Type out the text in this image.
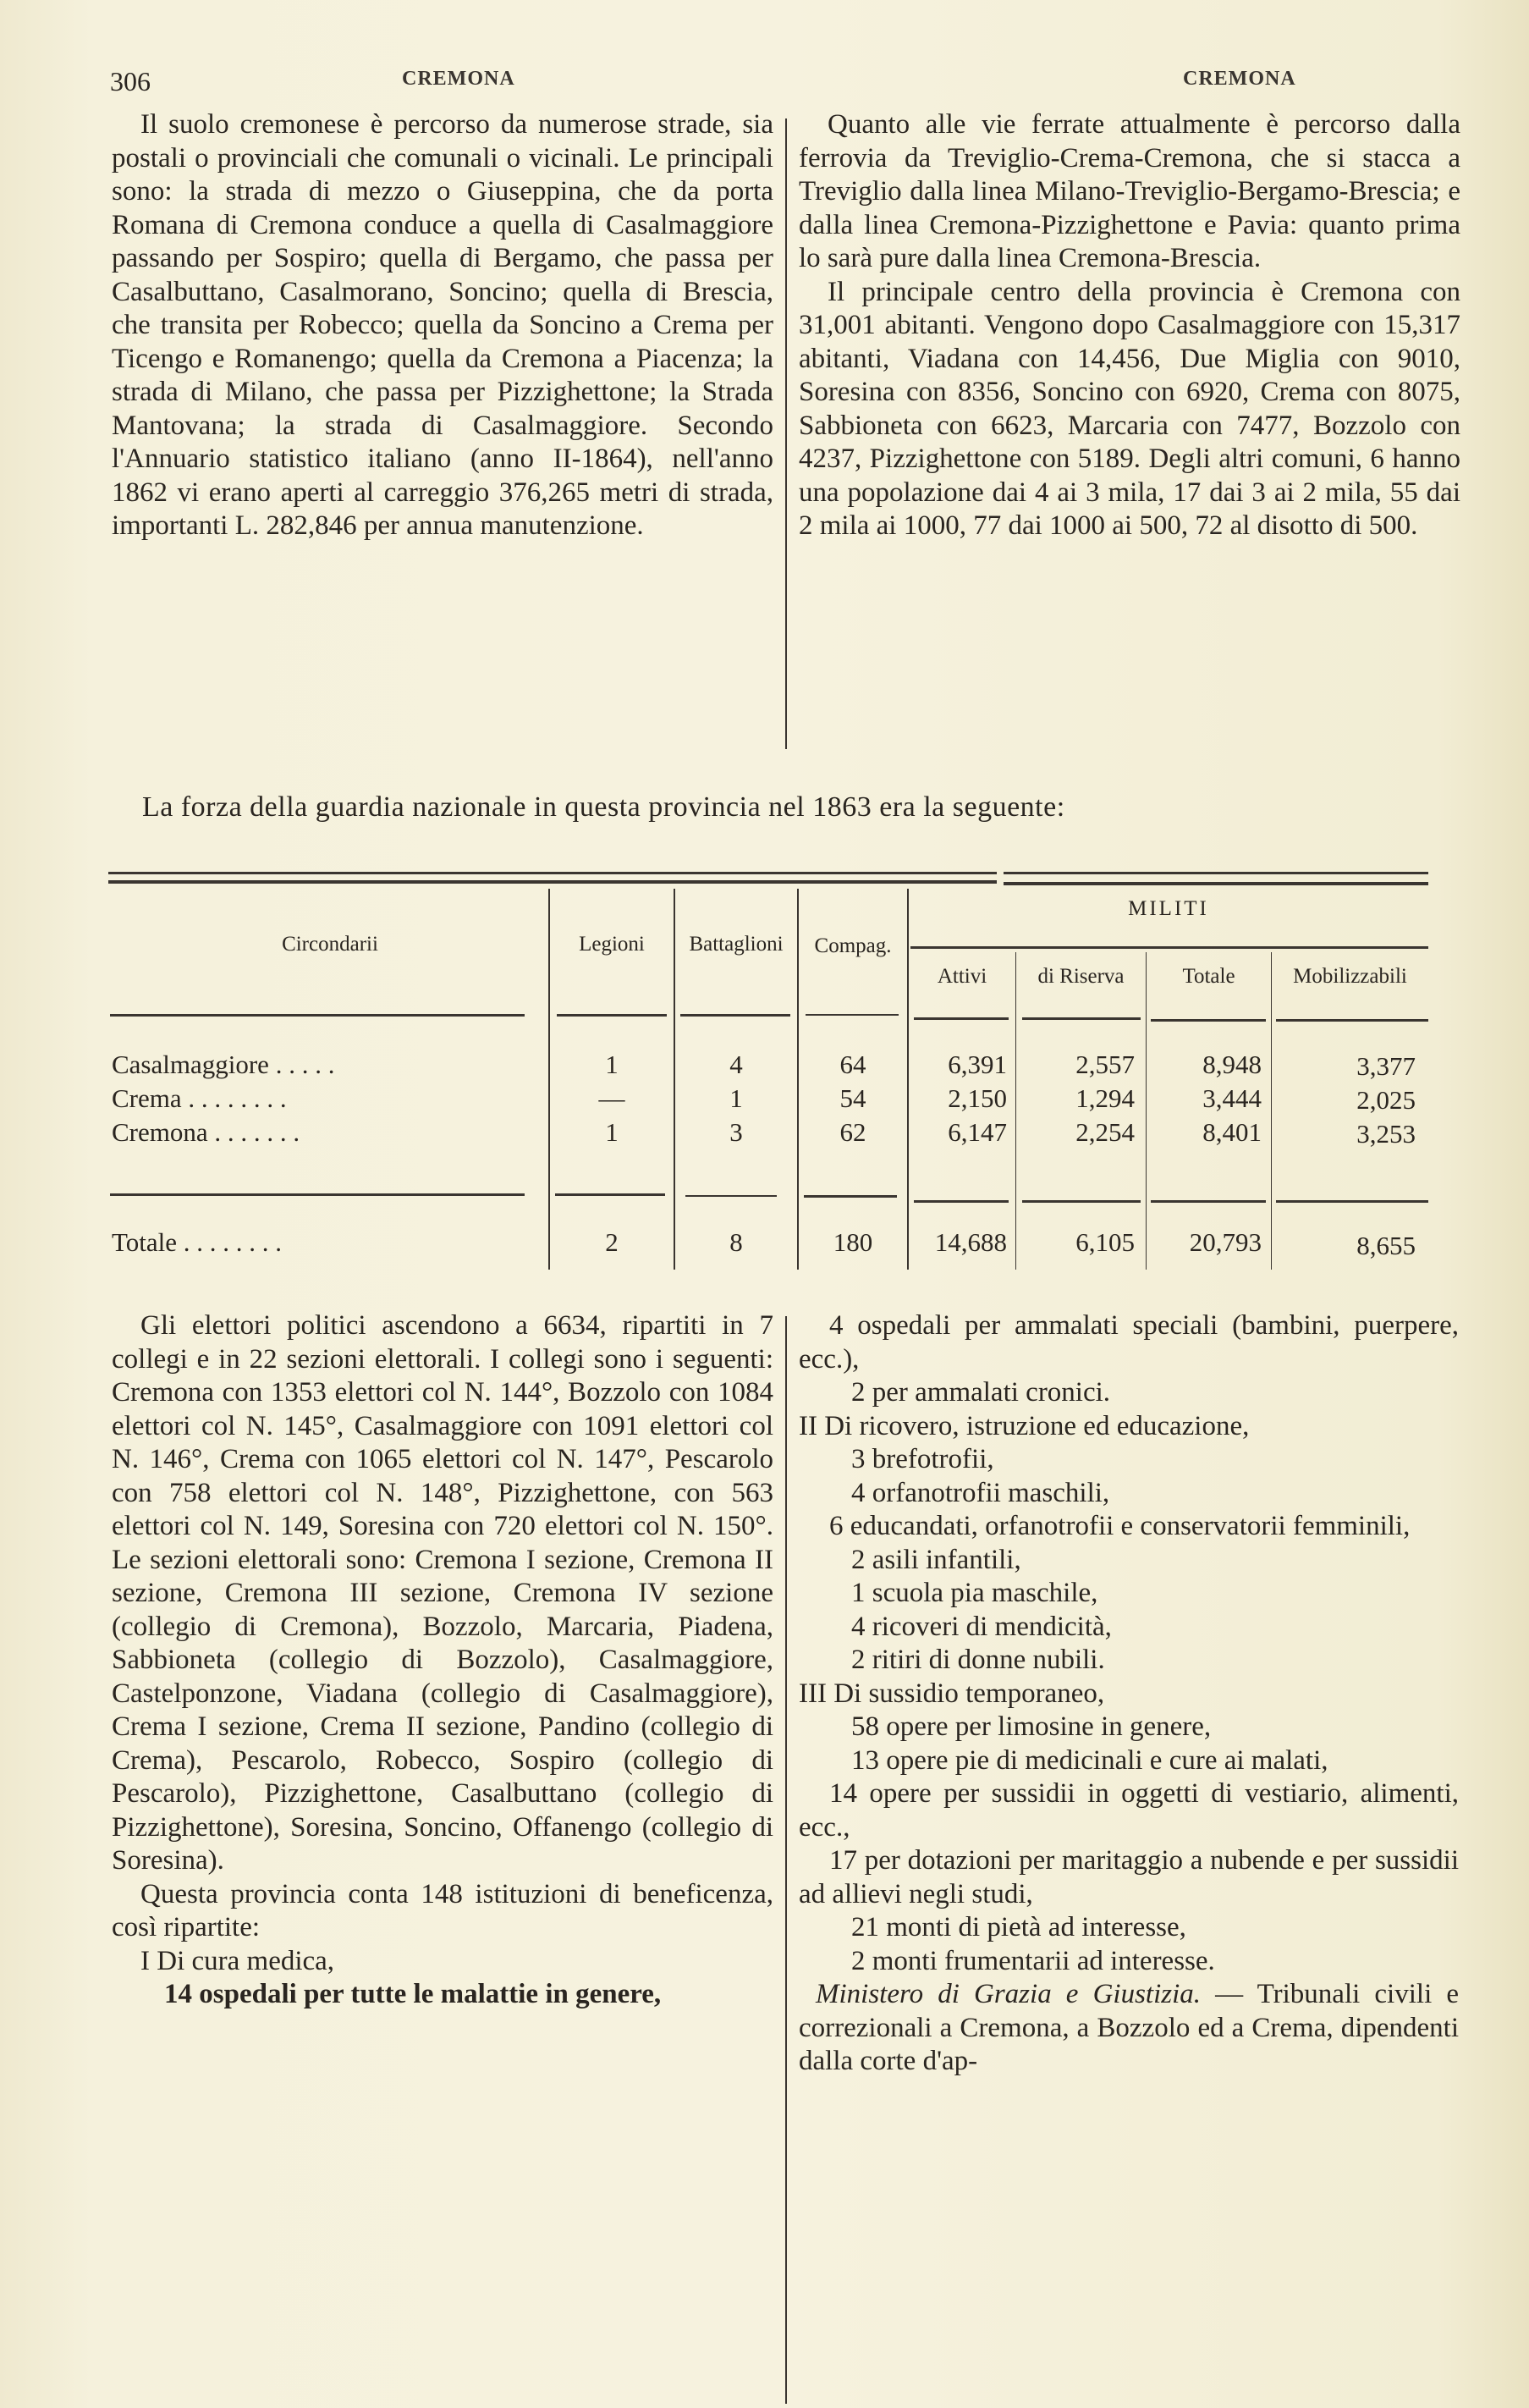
306	CREMONA	CREMONA

Il suolo cremonese è percorso da numerose strade, sia postali o provinciali che comunali o vicinali. Le principali sono: la strada di mezzo o Giuseppina, che da porta Romana di Cremona conduce a quella di Casalmaggiore passando per Sospiro; quella di Bergamo, che passa per Casalbuttano, Casalmorano, Soncino; quella di Brescia, che transita per Robecco; quella da Soncino a Crema per Ticengo e Romanengo; quella da Cremona a Piacenza; la strada di Milano, che passa per Pizzighettone; la Strada Mantovana; la strada di Casalmaggiore. Secondo l'Annuario statistico italiano (anno II-1864), nell'anno 1862 vi erano aperti al carreggio 376,265 metri di strada, importanti L. 282,846 per annua manutenzione.

Quanto alle vie ferrate attualmente è percorso dalla ferrovia da Treviglio-Crema-Cremona, che si stacca a Treviglio dalla linea Milano-Treviglio-Bergamo-Brescia; e dalla linea Cremona-Pizzighettone e Pavia: quanto prima lo sarà pure dalla linea Cremona-Brescia.

Il principale centro della provincia è Cremona con 31,001 abitanti. Vengono dopo Casalmaggiore con 15,317 abitanti, Viadana con 14,456, Due Miglia con 9010, Soresina con 8356, Soncino con 6920, Crema con 8075, Sabbioneta con 6623, Marcaria con 7477, Bozzolo con 4237, Pizzighettone con 5189. Degli altri comuni, 6 hanno una popolazione dai 4 ai 3 mila, 17 dai 3 ai 2 mila, 55 dai 2 mila ai 1000, 77 dai 1000 ai 500, 72 al disotto di 500.

La forza della guardia nazionale in questa provincia nel 1863 era la seguente:
Circondarii	Legioni	Battaglioni	Compag.
MILITI
Attivi	di Riserva	Totale	Mobilizzabili
Casalmaggiore . . . . .	1	4	64	6,391	2,557	8,948	3,377
Crema . . . . . . . .	—	1	54	2,150	1,294	3,444	2,025
Cremona . . . . . . .	1	3	62	6,147	2,254	8,401	3,253
Totale . . . . . . . .	2	8	180	14,688	6,105	20,793	8,655

Gli elettori politici ascendono a 6634, ripartiti in 7 collegi e in 22 sezioni elettorali. I collegi sono i seguenti: Cremona con 1353 elettori col N. 144°, Bozzolo con 1084 elettori col N. 145°, Casalmaggiore con 1091 elettori col N. 146°, Crema con 1065 elettori col N. 147°, Pescarolo con 758 elettori col N. 148°, Pizzighettone, con 563 elettori col N. 149, Soresina con 720 elettori col N. 150°. Le sezioni elettorali sono: Cremona I sezione, Cremona II sezione, Cremona III sezione, Cremona IV sezione (collegio di Cremona), Bozzolo, Marcaria, Piadena, Sabbioneta (collegio di Bozzolo), Casalmaggiore, Castelponzone, Viadana (collegio di Casalmaggiore), Crema I sezione, Crema II sezione, Pandino (collegio di Crema), Pescarolo, Robecco, Sospiro (collegio di Pescarolo), Pizzighettone, Casalbuttano (collegio di Pizzighettone), Soresina, Soncino, Offanengo (collegio di Soresina).

Questa provincia conta 148 istituzioni di beneficenza, così ripartite:

I Di cura medica,

14 ospedali per tutte le malattie in genere,

4 ospedali per ammalati speciali (bambini, puerpere, ecc.),

2 per ammalati cronici.

II Di ricovero, istruzione ed educazione,

3 brefotrofii,

4 orfanotrofii maschili,

6 educandati, orfanotrofii e conservatorii femminili,

2 asili infantili,

1 scuola pia maschile,

4 ricoveri di mendicità,

2 ritiri di donne nubili.

III Di sussidio temporaneo,

58 opere per limosine in genere,

13 opere pie di medicinali e cure ai malati,

14 opere per sussidii in oggetti di vestiario, alimenti, ecc.,

17 per dotazioni per maritaggio a nubende e per sussidii ad allievi negli studi,

21 monti di pietà ad interesse,

2 monti frumentarii ad interesse.

Ministero di Grazia e Giustizia. — Tribunali civili e correzionali a Cremona, a Bozzolo ed a Crema, dipendenti dalla corte d'ap-
